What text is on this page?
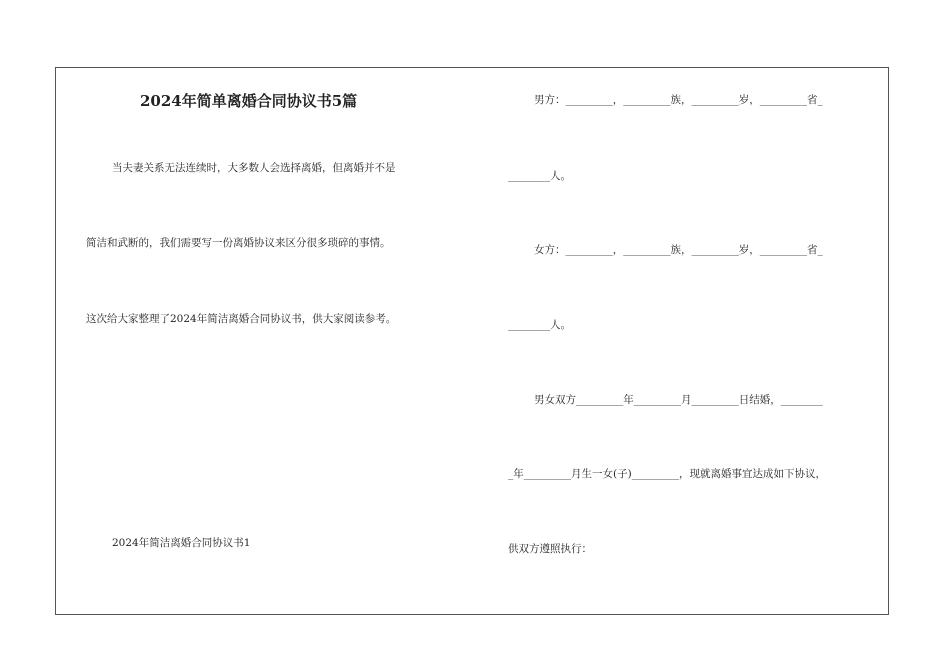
2024年简单离婚合同协议书5篇
当夫妻关系无法连续时，大多数人会选择离婚，但离婚并不是
简洁和武断的，我们需要写一份离婚协议来区分很多琐碎的事情。
这次给大家整理了2024年简洁离婚合同协议书，供大家阅读参考。
2024年简洁离婚合同协议书1
男方：_________，_________族，_________岁，_________省_
________人。
女方：_________，_________族，_________岁，_________省_
________人。
男女双方_________年_________月_________日结婚，________
_年_________月生一女(子)_________，现就离婚事宜达成如下协议，
供双方遵照执行：
